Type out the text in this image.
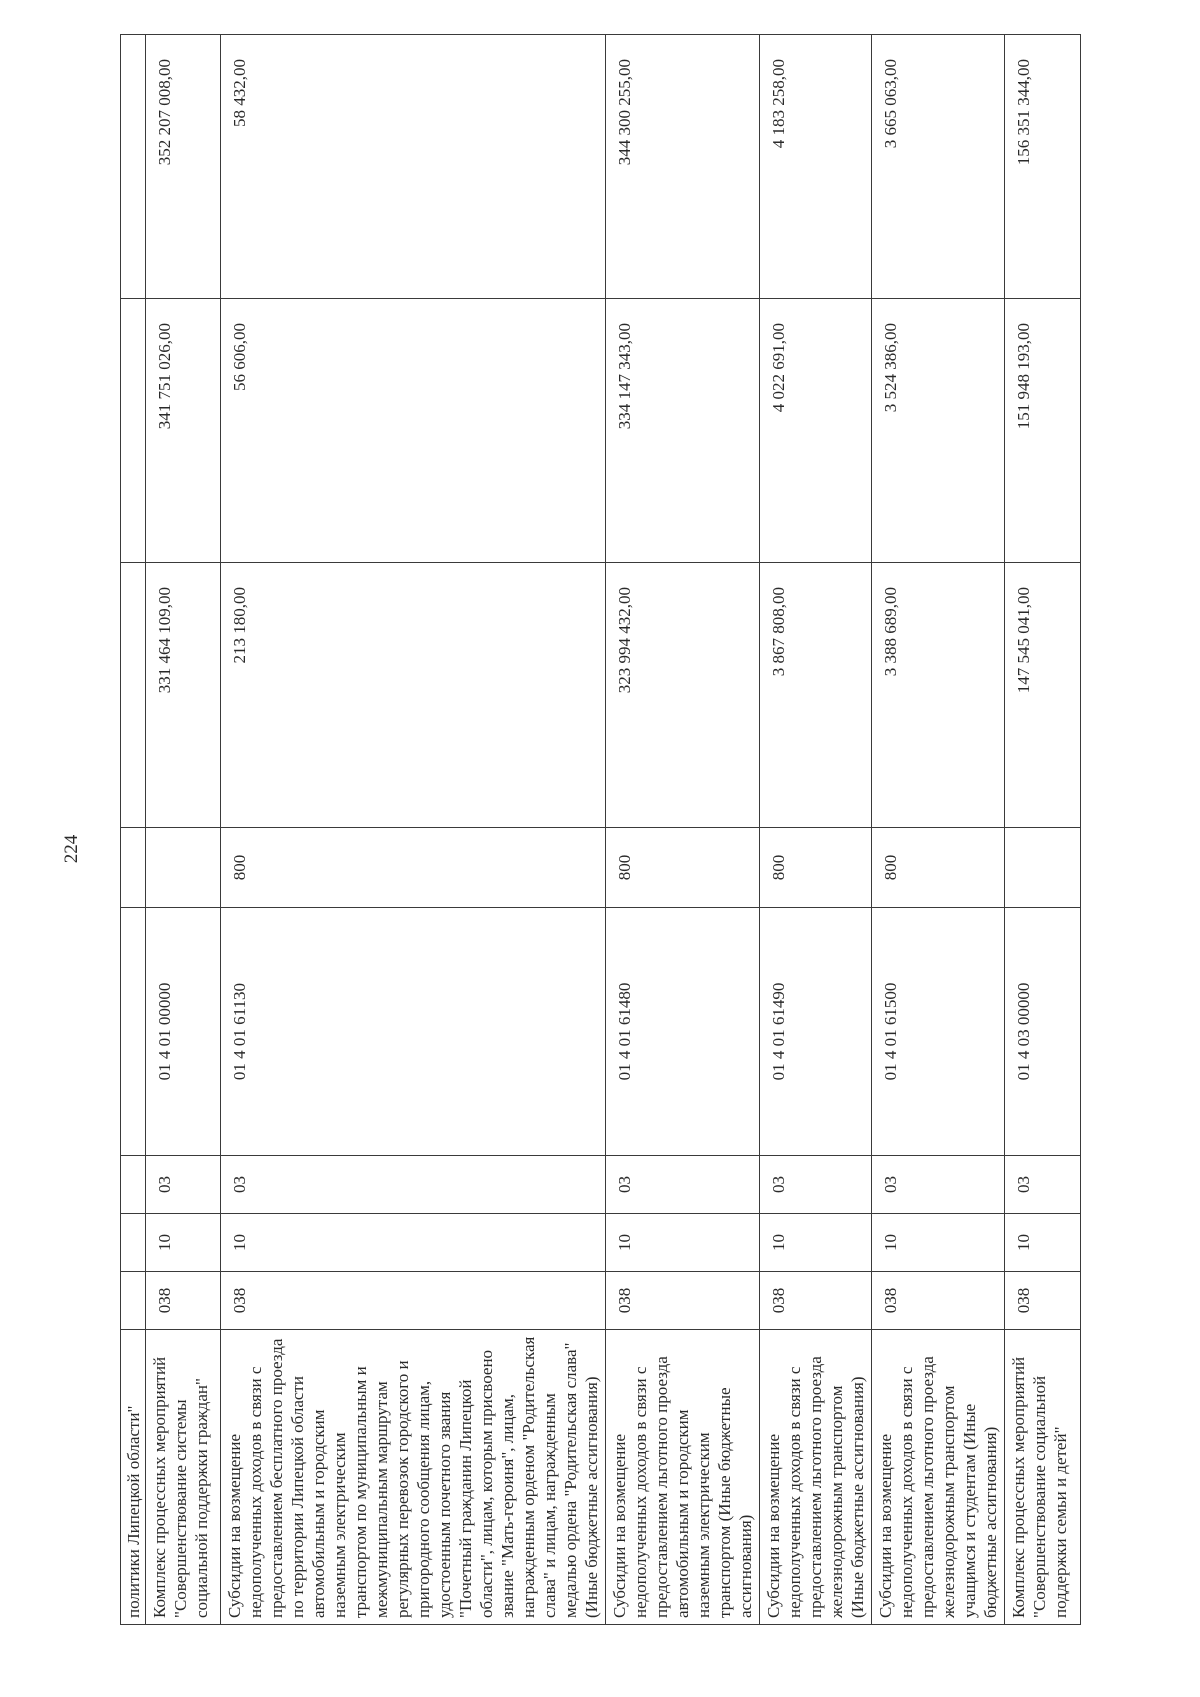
224
политики Липецкой области"								
Комплекс процессных мероприятий "Совершенствование системы социальной поддержки граждан"	038	10	03	01 4 01 00000		331 464 109,00	341 751 026,00	352 207 008,00
Субсидии на возмещение недополученных доходов в связи с предоставлением бесплатного проезда по территории Липецкой области автомобильным и городским наземным электрическим транспортом по муниципальным и межмуниципальным маршрутам регулярных перевозок городского и пригородного сообщения лицам, удостоенным почетного звания "Почетный гражданин Липецкой области", лицам, которым присвоено звание "Мать-героиня", лицам, награжденным орденом "Родительская слава" и лицам, награжденным медалью ордена "Родительская слава" (Иные бюджетные ассигнования)	038	10	03	01 4 01 61130	800	213 180,00	56 606,00	58 432,00
Субсидии на возмещение недополученных доходов в связи с предоставлением льготного проезда автомобильным и городским наземным электрическим транспортом (Иные бюджетные ассигнования)	038	10	03	01 4 01 61480	800	323 994 432,00	334 147 343,00	344 300 255,00
Субсидии на возмещение недополученных доходов в связи с предоставлением льготного проезда железнодорожным транспортом (Иные бюджетные ассигнования)	038	10	03	01 4 01 61490	800	3 867 808,00	4 022 691,00	4 183 258,00
Субсидии на возмещение недополученных доходов в связи с предоставлением льготного проезда железнодорожным транспортом учащимся и студентам (Иные бюджетные ассигнования)	038	10	03	01 4 01 61500	800	3 388 689,00	3 524 386,00	3 665 063,00
Комплекс процессных мероприятий "Совершенствование социальной поддержки семьи и детей"	038	10	03	01 4 03 00000		147 545 041,00	151 948 193,00	156 351 344,00
